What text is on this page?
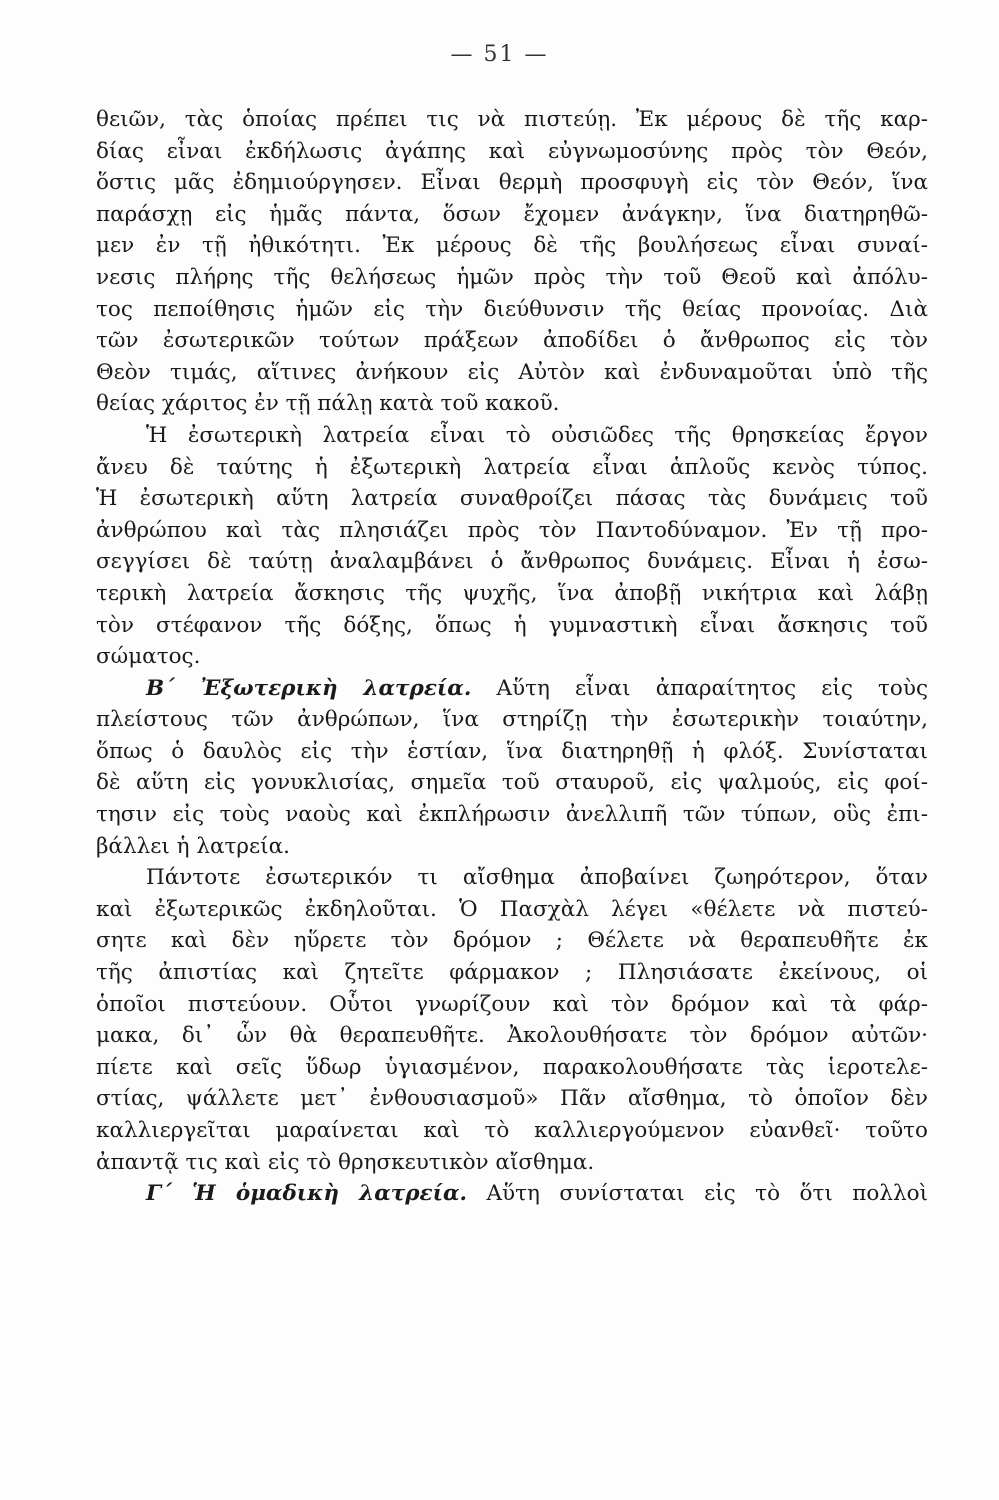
— 51 —
θειῶν, τὰς ὁποίας πρέπει τις νὰ πιστεύῃ. Ἐκ μέρους δὲ τῆς καρ-
δίας εἶναι ἐκδήλωσις ἀγάπης καὶ εὐγνωμοσύνης πρὸς τὸν Θεόν,
ὅστις μᾶς ἐδημιούργησεν. Εἶναι θερμὴ προσφυγὴ εἰς τὸν Θεόν, ἵνα
παράσχῃ εἰς ἡμᾶς πάντα, ὅσων ἔχομεν ἀνάγκην, ἵνα διατηρηθῶ-
μεν ἐν τῇ ἠθικότητι. Ἐκ μέρους δὲ τῆς βουλήσεως εἶναι συναί-
νεσις πλήρης τῆς θελήσεως ἡμῶν πρὸς τὴν τοῦ Θεοῦ καὶ ἀπόλυ-
τος πεποίθησις ἡμῶν εἰς τὴν διεύθυνσιν τῆς θείας προνοίας. Διὰ
τῶν ἐσωτερικῶν τούτων πράξεων ἀποδίδει ὁ ἄνθρωπος εἰς τὸν
Θεὸν τιμάς, αἵτινες ἀνήκουν εἰς Αὐτὸν καὶ ἐνδυναμοῦται ὑπὸ τῆς
θείας χάριτος ἐν τῇ πάλῃ κατὰ τοῦ κακοῦ.
Ἡ ἐσωτερικὴ λατρεία εἶναι τὸ οὐσιῶδες τῆς θρησκείας ἔργον
ἄνευ δὲ ταύτης ἡ ἐξωτερικὴ λατρεία εἶναι ἁπλοῦς κενὸς τύπος.
Ἡ ἐσωτερικὴ αὕτη λατρεία συναθροίζει πάσας τὰς δυνάμεις τοῦ
ἀνθρώπου καὶ τὰς πλησιάζει πρὸς τὸν Παντοδύναμον. Ἐν τῇ προ-
σεγγίσει δὲ ταύτῃ ἀναλαμβάνει ὁ ἄνθρωπος δυνάμεις. Εἶναι ἡ ἐσω-
τερικὴ λατρεία ἄσκησις τῆς ψυχῆς, ἵνα ἀποβῇ νικήτρια καὶ λάβῃ
τὸν στέφανον τῆς δόξης, ὅπως ἡ γυμναστικὴ εἶναι ἄσκησις τοῦ
σώματος.
Β΄ Ἐξωτερικὴ λατρεία. Αὕτη εἶναι ἀπαραίτητος εἰς τοὺς
πλείστους τῶν ἀνθρώπων, ἵνα στηρίζῃ τὴν ἐσωτερικὴν τοιαύτην,
ὅπως ὁ δαυλὸς εἰς τὴν ἑστίαν, ἵνα διατηρηθῇ ἡ φλόξ. Συνίσταται
δὲ αὕτη εἰς γονυκλισίας, σημεῖα τοῦ σταυροῦ, εἰς ψαλμούς, εἰς φοί-
τησιν εἰς τοὺς ναοὺς καὶ ἐκπλήρωσιν ἀνελλιπῆ τῶν τύπων, οὓς ἐπι-
βάλλει ἡ λατρεία.
Πάντοτε ἐσωτερικόν τι αἴσθημα ἀποβαίνει ζωηρότερον, ὅταν
καὶ ἐξωτερικῶς ἐκδηλοῦται. Ὁ Πασχὰλ λέγει «θέλετε νὰ πιστεύ-
σητε καὶ δὲν ηὕρετε τὸν δρόμον ; Θέλετε νὰ θεραπευθῆτε ἐκ
τῆς ἀπιστίας καὶ ζητεῖτε φάρμακον ; Πλησιάσατε ἐκείνους, οἱ
ὁποῖοι πιστεύουν. Οὗτοι γνωρίζουν καὶ τὸν δρόμον καὶ τὰ φάρ-
μακα, δι᾽ ὧν θὰ θεραπευθῆτε. Ἀκολουθήσατε τὸν δρόμον αὐτῶν·
πίετε καὶ σεῖς ὕδωρ ὑγιασμένον, παρακολουθήσατε τὰς ἱεροτελε-
στίας, ψάλλετε μετ᾽ ἐνθουσιασμοῦ» Πᾶν αἴσθημα, τὸ ὁποῖον δὲν
καλλιεργεῖται μαραίνεται καὶ τὸ καλλιεργούμενον εὐανθεῖ· τοῦτο
ἀπαντᾷ τις καὶ εἰς τὸ θρησκευτικὸν αἴσθημα.
Γ΄ Ἡ ὁμαδικὴ λατρεία. Αὕτη συνίσταται εἰς τὸ ὅτι πολλοὶ
